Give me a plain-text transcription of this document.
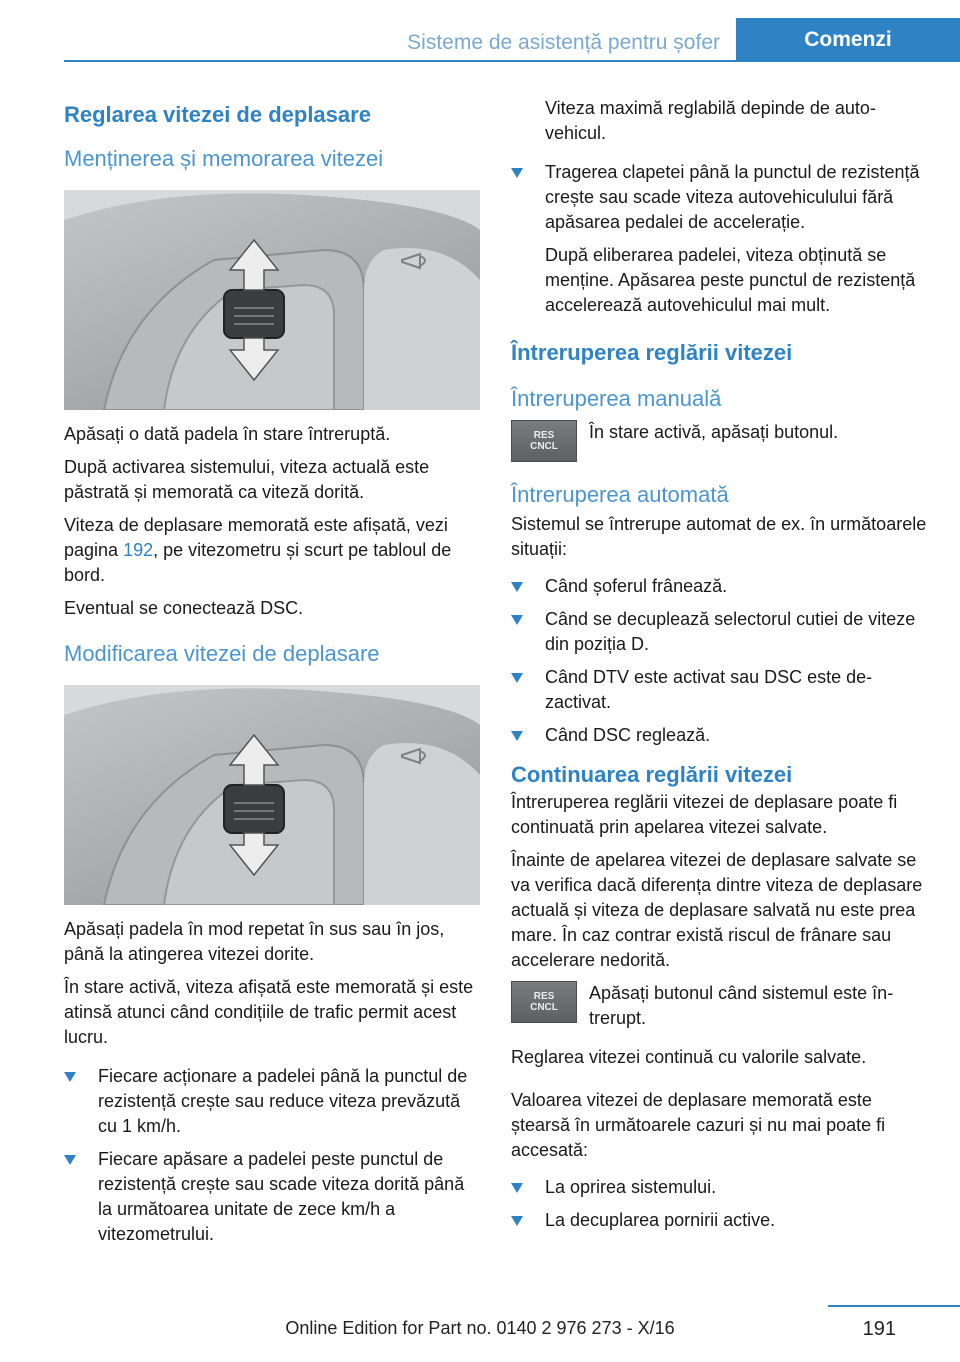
Sisteme de asistență pentru șofer	Comenzi
Reglarea vitezei de deplasare
Menținerea și memorarea vitezei

Apăsați o dată padela în stare întreruptă.

După activarea sistemului, viteza actuală este păstrată și memorată ca viteză dorită.

Viteza de deplasare memorată este afișată, vezi pagina 192, pe vitezometru și scurt pe tabloul de bord.

Eventual se conectează DSC.

Modificarea vitezei de deplasare

Apăsați padela în mod repetat în sus sau în jos, până la atingerea vitezei dorite.

În stare activă, viteza afișată este memorată și este atinsă atunci când condițiile de trafic permit acest lucru.

Fiecare acționare a padelei până la punctul de rezistență crește sau reduce viteza prevăzută cu 1 km/h.
Fiecare apăsare a padelei peste punctul de rezistență crește sau scade viteza dorită până la următoarea unitate de zece km/h a vitezometrului.

Viteza maximă reglabilă depinde de autovehicul.

Tragerea clapetei până la punctul de rezistență crește sau scade viteza autovehiculului fără apăsarea pedalei de accelerație.

După eliberarea padelei, viteza obținută se menține. Apăsarea peste punctul de rezistență accelerează autovehiculul mai mult.

Întreruperea reglării vitezei
Întreruperea manuală
RES
CNCL
În stare activă, apăsați butonul.
Întreruperea automată

Sistemul se întrerupe automat de ex. în următoarele situații:

Când șoferul frânează.
Când se decuplează selectorul cutiei de viteze din poziția D.
Când DTV este activat sau DSC este dezactivat.
Când DSC reglează.
Continuarea reglării vitezei

Întreruperea reglării vitezei de deplasare poate fi continuată prin apelarea vitezei salvate.

Înainte de apelarea vitezei de deplasare salvate se va verifica dacă diferența dintre viteza de deplasare actuală și viteza de deplasare salvată nu este prea mare. În caz contrar există riscul de frânare sau accelerare nedorită.

RES
CNCL
Apăsați butonul când sistemul este întrerupt.

Reglarea vitezei continuă cu valorile salvate.

Valoarea vitezei de deplasare memorată este ștearsă în următoarele cazuri și nu mai poate fi accesată:

La oprirea sistemului.
La decuplarea pornirii active.
191
Online Edition for Part no. 0140 2 976 273 - X/16
